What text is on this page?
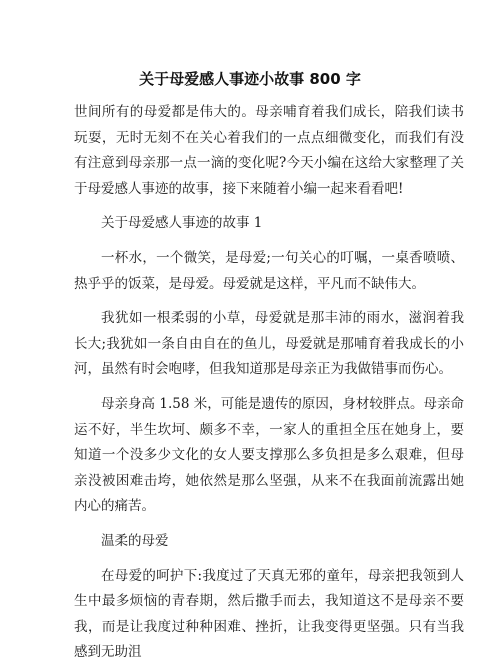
关于母爱感人事迹小故事 800 字

世间所有的母爱都是伟大的。母亲哺育着我们成长，陪我们读书玩耍，无时无刻不在关心着我们的一点点细微变化，而我们有没有注意到母亲那一点一滴的变化呢?今天小编在这给大家整理了关于母爱感人事迹的故事，接下来随着小编一起来看看吧!

关于母爱感人事迹的故事 1

一杯水，一个微笑，是母爱;一句关心的叮嘱，一桌香喷喷、热乎乎的饭菜，是母爱。母爱就是这样，平凡而不缺伟大。

我犹如一根柔弱的小草，母爱就是那丰沛的雨水，滋润着我长大;我犹如一条自由自在的鱼儿，母爱就是那哺育着我成长的小河，虽然有时会咆哮，但我知道那是母亲正为我做错事而伤心。

母亲身高 1.58 米，可能是遗传的原因，身材较胖点。母亲命运不好，半生坎坷、颇多不幸，一家人的重担全压在她身上，要知道一个没多少文化的女人要支撑那么多负担是多么艰难，但母亲没被困难击垮，她依然是那么坚强，从来不在我面前流露出她内心的痛苦。

温柔的母爱

在母爱的呵护下:我度过了天真无邪的童年，母亲把我领到人生中最多烦恼的青春期，然后撒手而去，我知道这不是母亲不要我，而是让我度过种种困难、挫折，让我变得更坚强。只有当我感到无助沮
